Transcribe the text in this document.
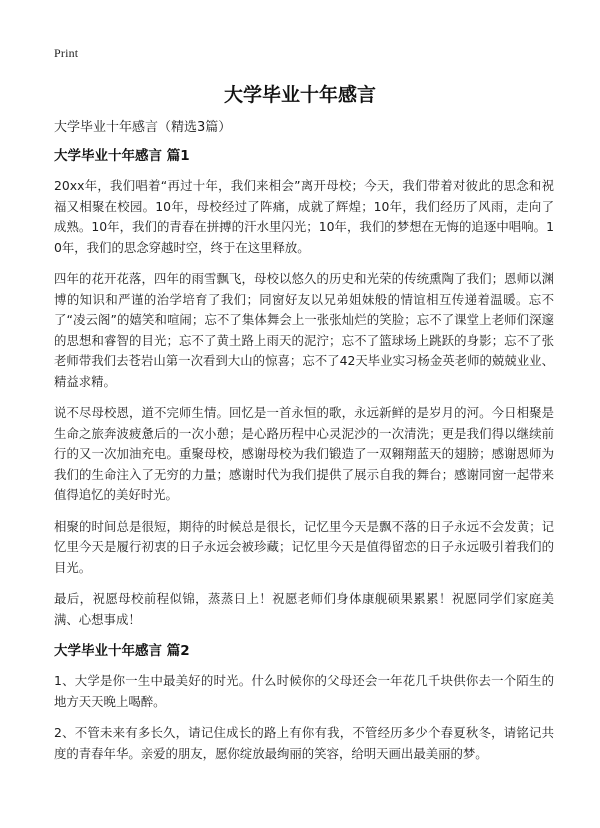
Print
大学毕业十年感言
大学毕业十年感言（精选3篇）
大学毕业十年感言 篇1

20xx年，我们唱着“再过十年，我们来相会”离开母校；今天，我们带着对彼此的思念和祝福又相聚在校园。10年，母校经过了阵痛，成就了辉煌；10年，我们经历了风雨，走向了成熟。10年，我们的青春在拼搏的汗水里闪光；10年，我们的梦想在无悔的追逐中唱响。10年，我们的思念穿越时空，终于在这里释放。

四年的花开花落，四年的雨雪飘飞，母校以悠久的历史和光荣的传统熏陶了我们；恩师以渊博的知识和严谨的治学培育了我们；同窗好友以兄弟姐妹般的情谊相互传递着温暖。忘不了“凌云阁”的嬉笑和喧闹；忘不了集体舞会上一张张灿烂的笑脸；忘不了课堂上老师们深邃的思想和睿智的目光；忘不了黄土路上雨天的泥泞；忘不了篮球场上跳跃的身影；忘不了张老师带我们去苍岩山第一次看到大山的惊喜；忘不了42天毕业实习杨金英老师的兢兢业业、精益求精。

说不尽母校恩，道不完师生情。回忆是一首永恒的歌，永远新鲜的是岁月的河。今日相聚是生命之旅奔波疲惫后的一次小憩；是心路历程中心灵泥沙的一次清洗；更是我们得以继续前行的又一次加油充电。重聚母校，感谢母校为我们锻造了一双翱翔蓝天的翅膀；感谢恩师为我们的生命注入了无穷的力量；感谢时代为我们提供了展示自我的舞台；感谢同窗一起带来值得追忆的美好时光。

相聚的时间总是很短，期待的时候总是很长，记忆里今天是飘不落的日子永远不会发黄；记忆里今天是履行初衷的日子永远会被珍藏；记忆里今天是值得留恋的日子永远吸引着我们的目光。

最后，祝愿母校前程似锦，蒸蒸日上！祝愿老师们身体康舰硕果累累！祝愿同学们家庭美满、心想事成！

大学毕业十年感言 篇2

1、大学是你一生中最美好的时光。什么时候你的父母还会一年花几千块供你去一个陌生的地方天天晚上喝醉。

2、不管未来有多长久，请记住成长的路上有你有我，不管经历多少个春夏秋冬，请铭记共度的青春年华。亲爱的朋友，愿你绽放最绚丽的笑容，给明天画出最美丽的梦。
